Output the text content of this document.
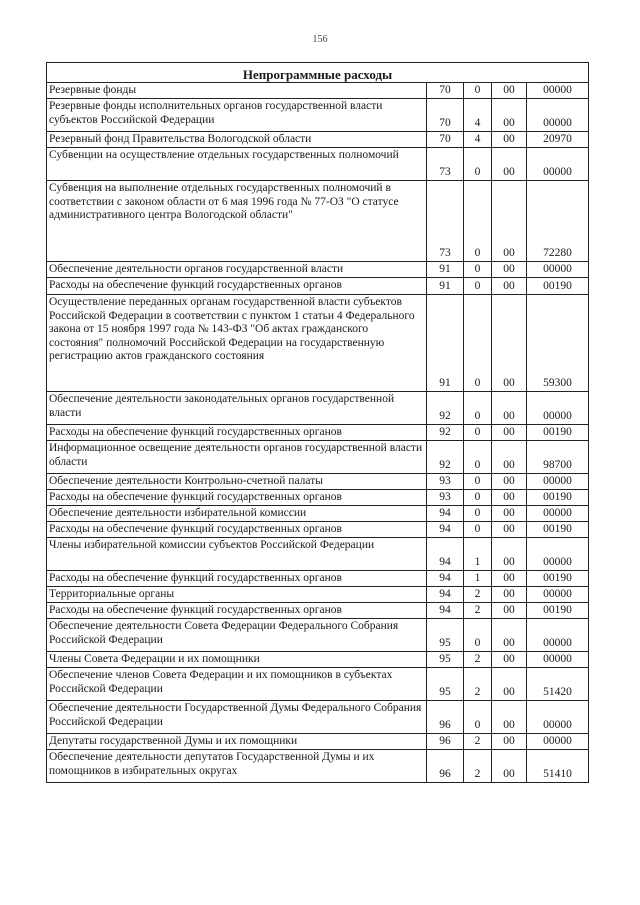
156
Непрограммные расходы				
Резервные фонды	70	0	00	00000
Резервные фонды исполнительных органов государственной власти субъектов Российской Федерации	70	4	00	00000
Резервный фонд Правительства Вологодской области	70	4	00	20970
Субвенции на осуществление отдельных государственных полномочий	73	0	00	00000
Субвенция на выполнение отдельных государственных полномочий в соответствии с законом области от 6 мая 1996 года № 77-ОЗ "О статусе административного центра Вологодской области"	73	0	00	72280
Обеспечение деятельности органов государственной власти	91	0	00	00000
Расходы на обеспечение функций государственных органов	91	0	00	00190
Осуществление переданных органам государственной власти субъектов Российской Федерации в соответствии с пунктом 1 статьи 4 Федерального закона от 15 ноября 1997 года № 143-ФЗ "Об актах гражданского состояния" полномочий Российской Федерации на государственную регистрацию актов гражданского состояния	91	0	00	59300
Обеспечение деятельности законодательных органов государственной власти	92	0	00	00000
Расходы на обеспечение функций государственных органов	92	0	00	00190
Информационное освещение деятельности органов государственной власти области	92	0	00	98700
Обеспечение деятельности Контрольно-счетной палаты	93	0	00	00000
Расходы на обеспечение функций государственных органов	93	0	00	00190
Обеспечение деятельности избирательной комиссии	94	0	00	00000
Расходы на обеспечение функций государственных органов	94	0	00	00190
Члены избирательной комиссии субъектов Российской Федерации	94	1	00	00000
Расходы на обеспечение функций государственных органов	94	1	00	00190
Территориальные органы	94	2	00	00000
Расходы на обеспечение функций государственных органов	94	2	00	00190
Обеспечение деятельности Совета Федерации Федерального Собрания Российской Федерации	95	0	00	00000
Члены Совета Федерации и их помощники	95	2	00	00000
Обеспечение членов Совета Федерации и их помощников в субъектах Российской Федерации	95	2	00	51420
Обеспечение деятельности Государственной Думы Федерального Собрания Российской Федерации	96	0	00	00000
Депутаты государственной Думы и их помощники	96	2	00	00000
Обеспечение деятельности депутатов Государственной Думы и их помощников в избирательных округах	96	2	00	51410
